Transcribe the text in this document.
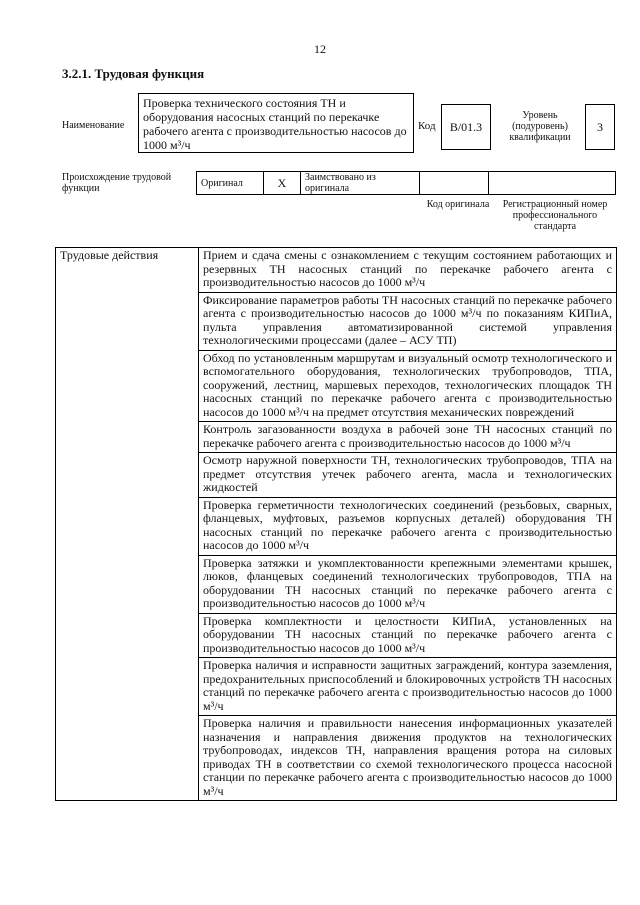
12
3.2.1. Трудовая функция
Наименование
Проверка технического состояния ТН и оборудования насосных станций по перекачке рабочего агента с производительностью насосов до 1000 м³/ч
Код	B/01.3
Уровень (подуровень) квалификации
3
Происхождение трудовой функции	Оригинал	X	Заимствовано из оригинала		
Код оригинала	Регистрационный номер профессионального стандарта
Трудовые действия	Прием и сдача смены с ознакомлением с текущим состоянием работающих и резервных ТН насосных станций по перекачке рабочего агента с производительностью насосов до 1000 м³/ч
Фиксирование параметров работы ТН насосных станций по перекачке рабочего агента с производительностью насосов до 1000 м³/ч по показаниям КИПиА, пульта управления автоматизированной системой управления технологическими процессами (далее – АСУ ТП)
Обход по установленным маршрутам и визуальный осмотр технологического и вспомогательного оборудования, технологических трубопроводов, ТПА, сооружений, лестниц, маршевых переходов, технологических площадок ТН насосных станций по перекачке рабочего агента с производительностью насосов до 1000 м³/ч на предмет отсутствия механических повреждений
Контроль загазованности воздуха в рабочей зоне ТН насосных станций по перекачке рабочего агента с производительностью насосов до 1000 м³/ч
Осмотр наружной поверхности ТН, технологических трубопроводов, ТПА на предмет отсутствия утечек рабочего агента, масла и технологических жидкостей
Проверка герметичности технологических соединений (резьбовых, сварных, фланцевых, муфтовых, разъемов корпусных деталей) оборудования ТН насосных станций по перекачке рабочего агента с производительностью насосов до 1000 м³/ч
Проверка затяжки и укомплектованности крепежными элементами крышек, люков, фланцевых соединений технологических трубопроводов, ТПА на оборудовании ТН насосных станций по перекачке рабочего агента с производительностью насосов до 1000 м³/ч
Проверка комплектности и целостности КИПиА, установленных на оборудовании ТН насосных станций по перекачке рабочего агента с производительностью насосов до 1000 м³/ч
Проверка наличия и исправности защитных заграждений, контура заземления, предохранительных приспособлений и блокировочных устройств ТН насосных станций по перекачке рабочего агента с производительностью насосов до 1000 м³/ч
Проверка наличия и правильности нанесения информационных указателей назначения и направления движения продуктов на технологических трубопроводах, индексов ТН, направления вращения ротора на силовых приводах ТН в соответствии со схемой технологического процесса насосной станции по перекачке рабочего агента с производительностью насосов до 1000 м³/ч
